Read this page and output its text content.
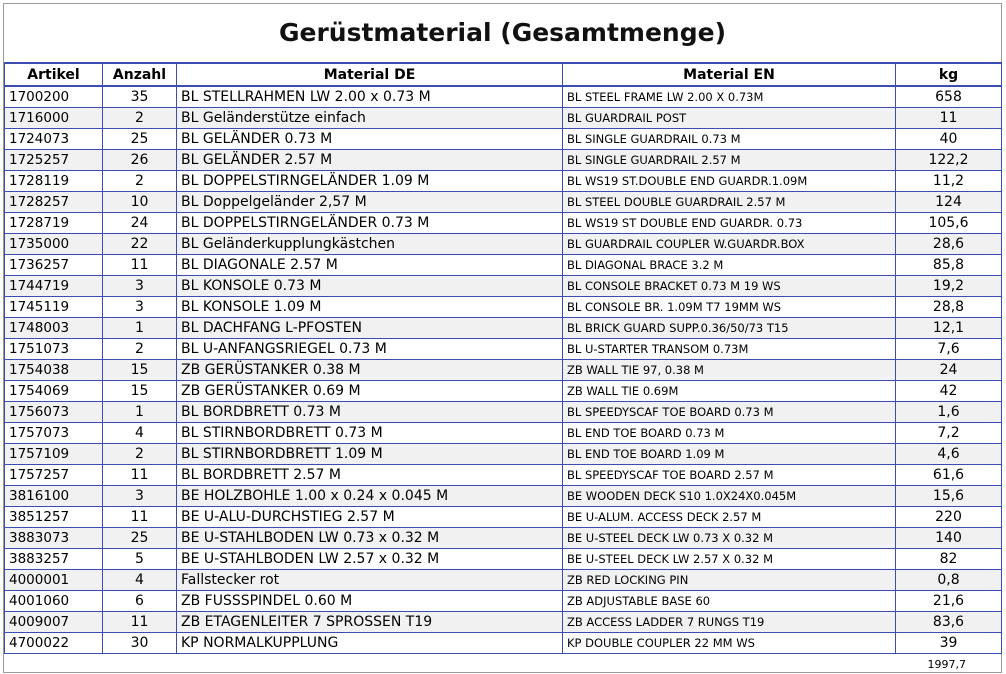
Gerüstmaterial (Gesamtmenge)
Artikel	Anzahl	Material DE	Material EN	kg
1700200	35	BL STELLRAHMEN LW 2.00 x 0.73 M	BL STEEL FRAME LW 2.00 X 0.73M	658
1716000	2	BL Geländerstütze einfach	BL GUARDRAIL POST	11
1724073	25	BL GELÄNDER 0.73 M	BL SINGLE GUARDRAIL 0.73 M	40
1725257	26	BL GELÄNDER 2.57 M	BL SINGLE GUARDRAIL 2.57 M	122,2
1728119	2	BL DOPPELSTIRNGELÄNDER 1.09 M	BL WS19 ST.DOUBLE END GUARDR.1.09M	11,2
1728257	10	BL Doppelgeländer 2,57 M	BL STEEL DOUBLE GUARDRAIL 2.57 M	124
1728719	24	BL DOPPELSTIRNGELÄNDER 0.73 M	BL WS19 ST DOUBLE END GUARDR. 0.73	105,6
1735000	22	BL Geländerkupplungkästchen	BL GUARDRAIL COUPLER W.GUARDR.BOX	28,6
1736257	11	BL DIAGONALE 2.57 M	BL DIAGONAL BRACE 3.2 M	85,8
1744719	3	BL KONSOLE 0.73 M	BL CONSOLE BRACKET 0.73 M 19 WS	19,2
1745119	3	BL KONSOLE 1.09 M	BL CONSOLE BR. 1.09M T7 19MM WS	28,8
1748003	1	BL DACHFANG L-PFOSTEN	BL BRICK GUARD SUPP.0.36/50/73 T15	12,1
1751073	2	BL U-ANFANGSRIEGEL 0.73 M	BL U-STARTER TRANSOM 0.73M	7,6
1754038	15	ZB GERÜSTANKER 0.38 M	ZB WALL TIE 97, 0.38 M	24
1754069	15	ZB GERÜSTANKER 0.69 M	ZB WALL TIE 0.69M	42
1756073	1	BL BORDBRETT 0.73 M	BL SPEEDYSCAF TOE BOARD 0.73 M	1,6
1757073	4	BL STIRNBORDBRETT 0.73 M	BL END TOE BOARD 0.73 M	7,2
1757109	2	BL STIRNBORDBRETT 1.09 M	BL END TOE BOARD 1.09 M	4,6
1757257	11	BL BORDBRETT 2.57 M	BL SPEEDYSCAF TOE BOARD 2.57 M	61,6
3816100	3	BE HOLZBOHLE 1.00 x 0.24 x 0.045 M	BE WOODEN DECK S10 1.0X24X0.045M	15,6
3851257	11	BE U-ALU-DURCHSTIEG 2.57 M	BE U-ALUM. ACCESS DECK 2.57 M	220
3883073	25	BE U-STAHLBODEN LW 0.73 x 0.32 M	BE U-STEEL DECK LW 0.73 X 0.32 M	140
3883257	5	BE U-STAHLBODEN LW 2.57 x 0.32 M	BE U-STEEL DECK LW 2.57 X 0.32 M	82
4000001	4	Fallstecker rot	ZB RED LOCKING PIN	0,8
4001060	6	ZB FUSSSPINDEL 0.60 M	ZB ADJUSTABLE BASE 60	21,6
4009007	11	ZB ETAGENLEITER 7 SPROSSEN T19	ZB ACCESS LADDER 7 RUNGS T19	83,6
4700022	30	KP NORMALKUPPLUNG	KP DOUBLE COUPLER 22 MM WS	39
1997,7
